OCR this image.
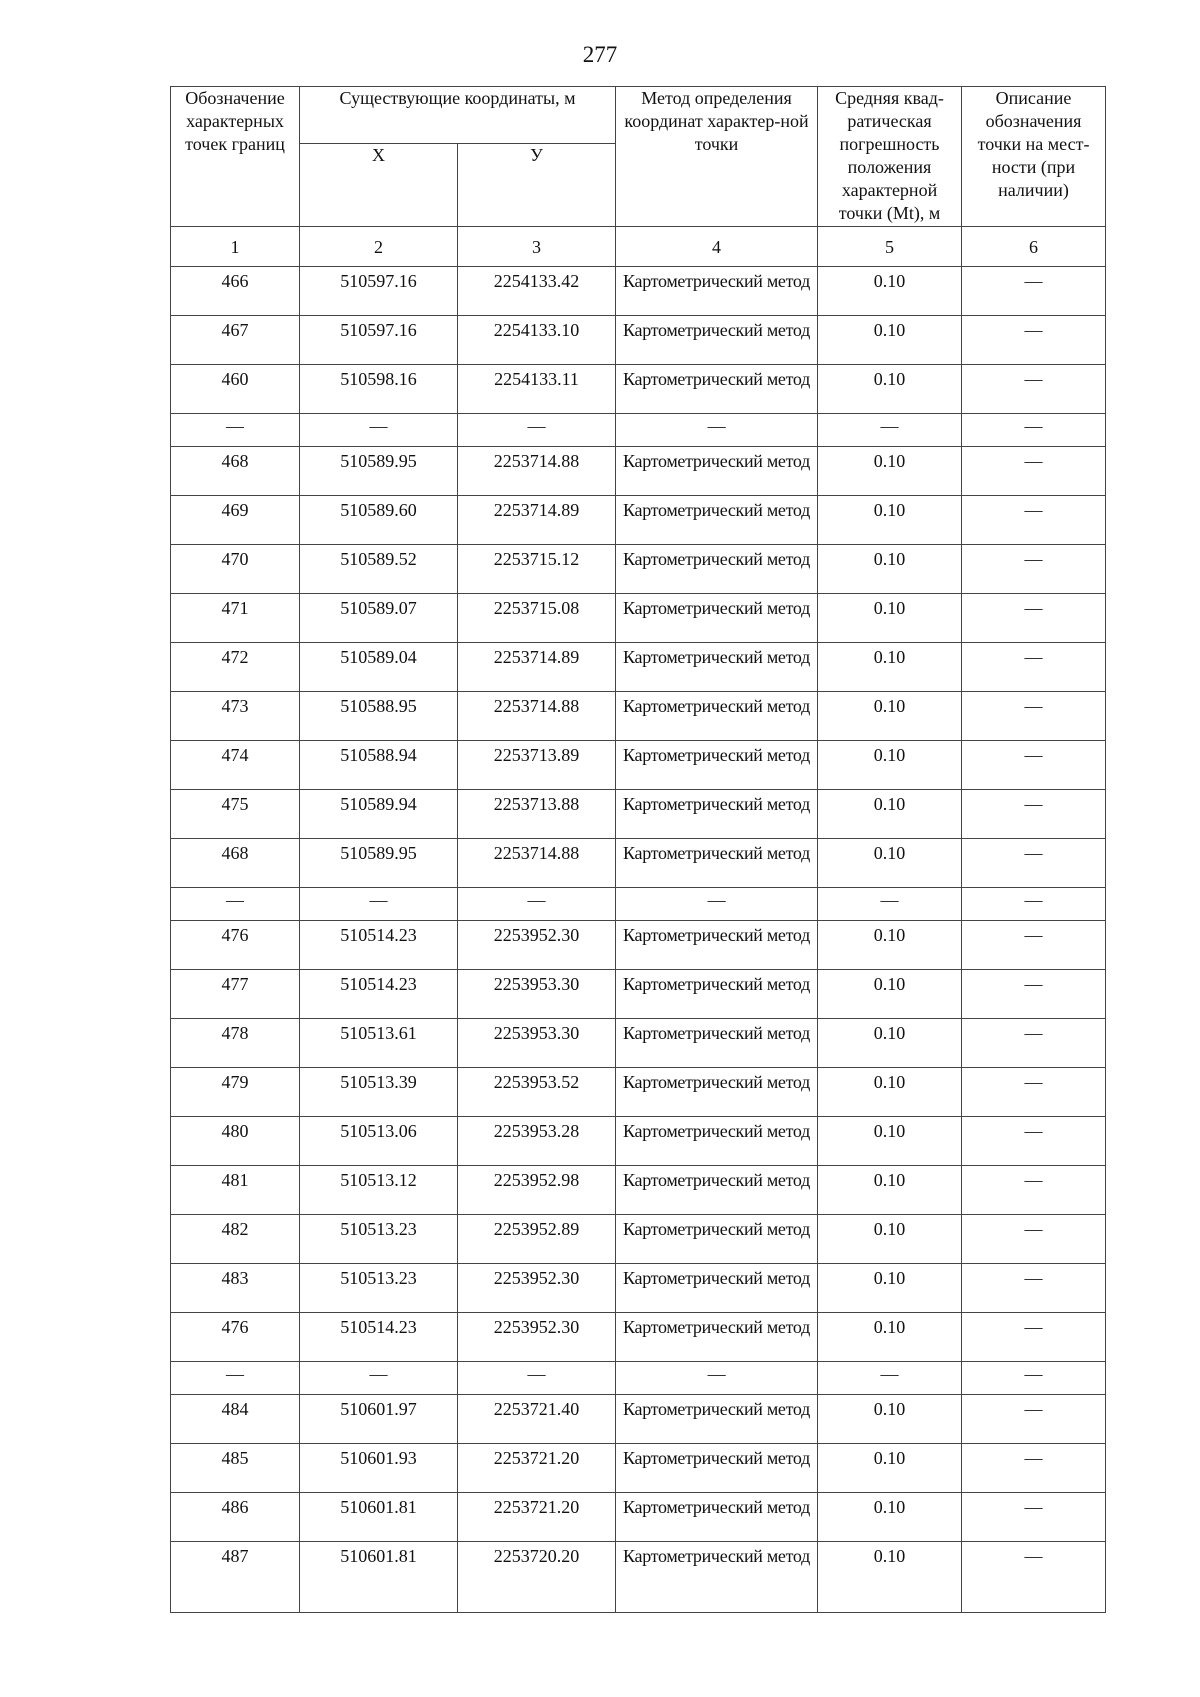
277
Обозначение характерных точек границ	Существующие координаты, м		Метод определения координат характер-ной точки	Средняя квад-ратическая погрешность положения характерной точки (Mt), м	Описание обозначения точки на мест-ности (при наличии)
	Х	У			
1	2	3	4	5	6
466	510597.16	2254133.42	Картометрический метод	0.10	—
467	510597.16	2254133.10	Картометрический метод	0.10	—
460	510598.16	2254133.11	Картометрический метод	0.10	—
—	—	—	—	—	—
468	510589.95	2253714.88	Картометрический метод	0.10	—
469	510589.60	2253714.89	Картометрический метод	0.10	—
470	510589.52	2253715.12	Картометрический метод	0.10	—
471	510589.07	2253715.08	Картометрический метод	0.10	—
472	510589.04	2253714.89	Картометрический метод	0.10	—
473	510588.95	2253714.88	Картометрический метод	0.10	—
474	510588.94	2253713.89	Картометрический метод	0.10	—
475	510589.94	2253713.88	Картометрический метод	0.10	—
468	510589.95	2253714.88	Картометрический метод	0.10	—
—	—	—	—	—	—
476	510514.23	2253952.30	Картометрический метод	0.10	—
477	510514.23	2253953.30	Картометрический метод	0.10	—
478	510513.61	2253953.30	Картометрический метод	0.10	—
479	510513.39	2253953.52	Картометрический метод	0.10	—
480	510513.06	2253953.28	Картометрический метод	0.10	—
481	510513.12	2253952.98	Картометрический метод	0.10	—
482	510513.23	2253952.89	Картометрический метод	0.10	—
483	510513.23	2253952.30	Картометрический метод	0.10	—
476	510514.23	2253952.30	Картометрический метод	0.10	—
—	—	—	—	—	—
484	510601.97	2253721.40	Картометрический метод	0.10	—
485	510601.93	2253721.20	Картометрический метод	0.10	—
486	510601.81	2253721.20	Картометрический метод	0.10	—
487	510601.81	2253720.20	Картометрический метод	0.10	—
